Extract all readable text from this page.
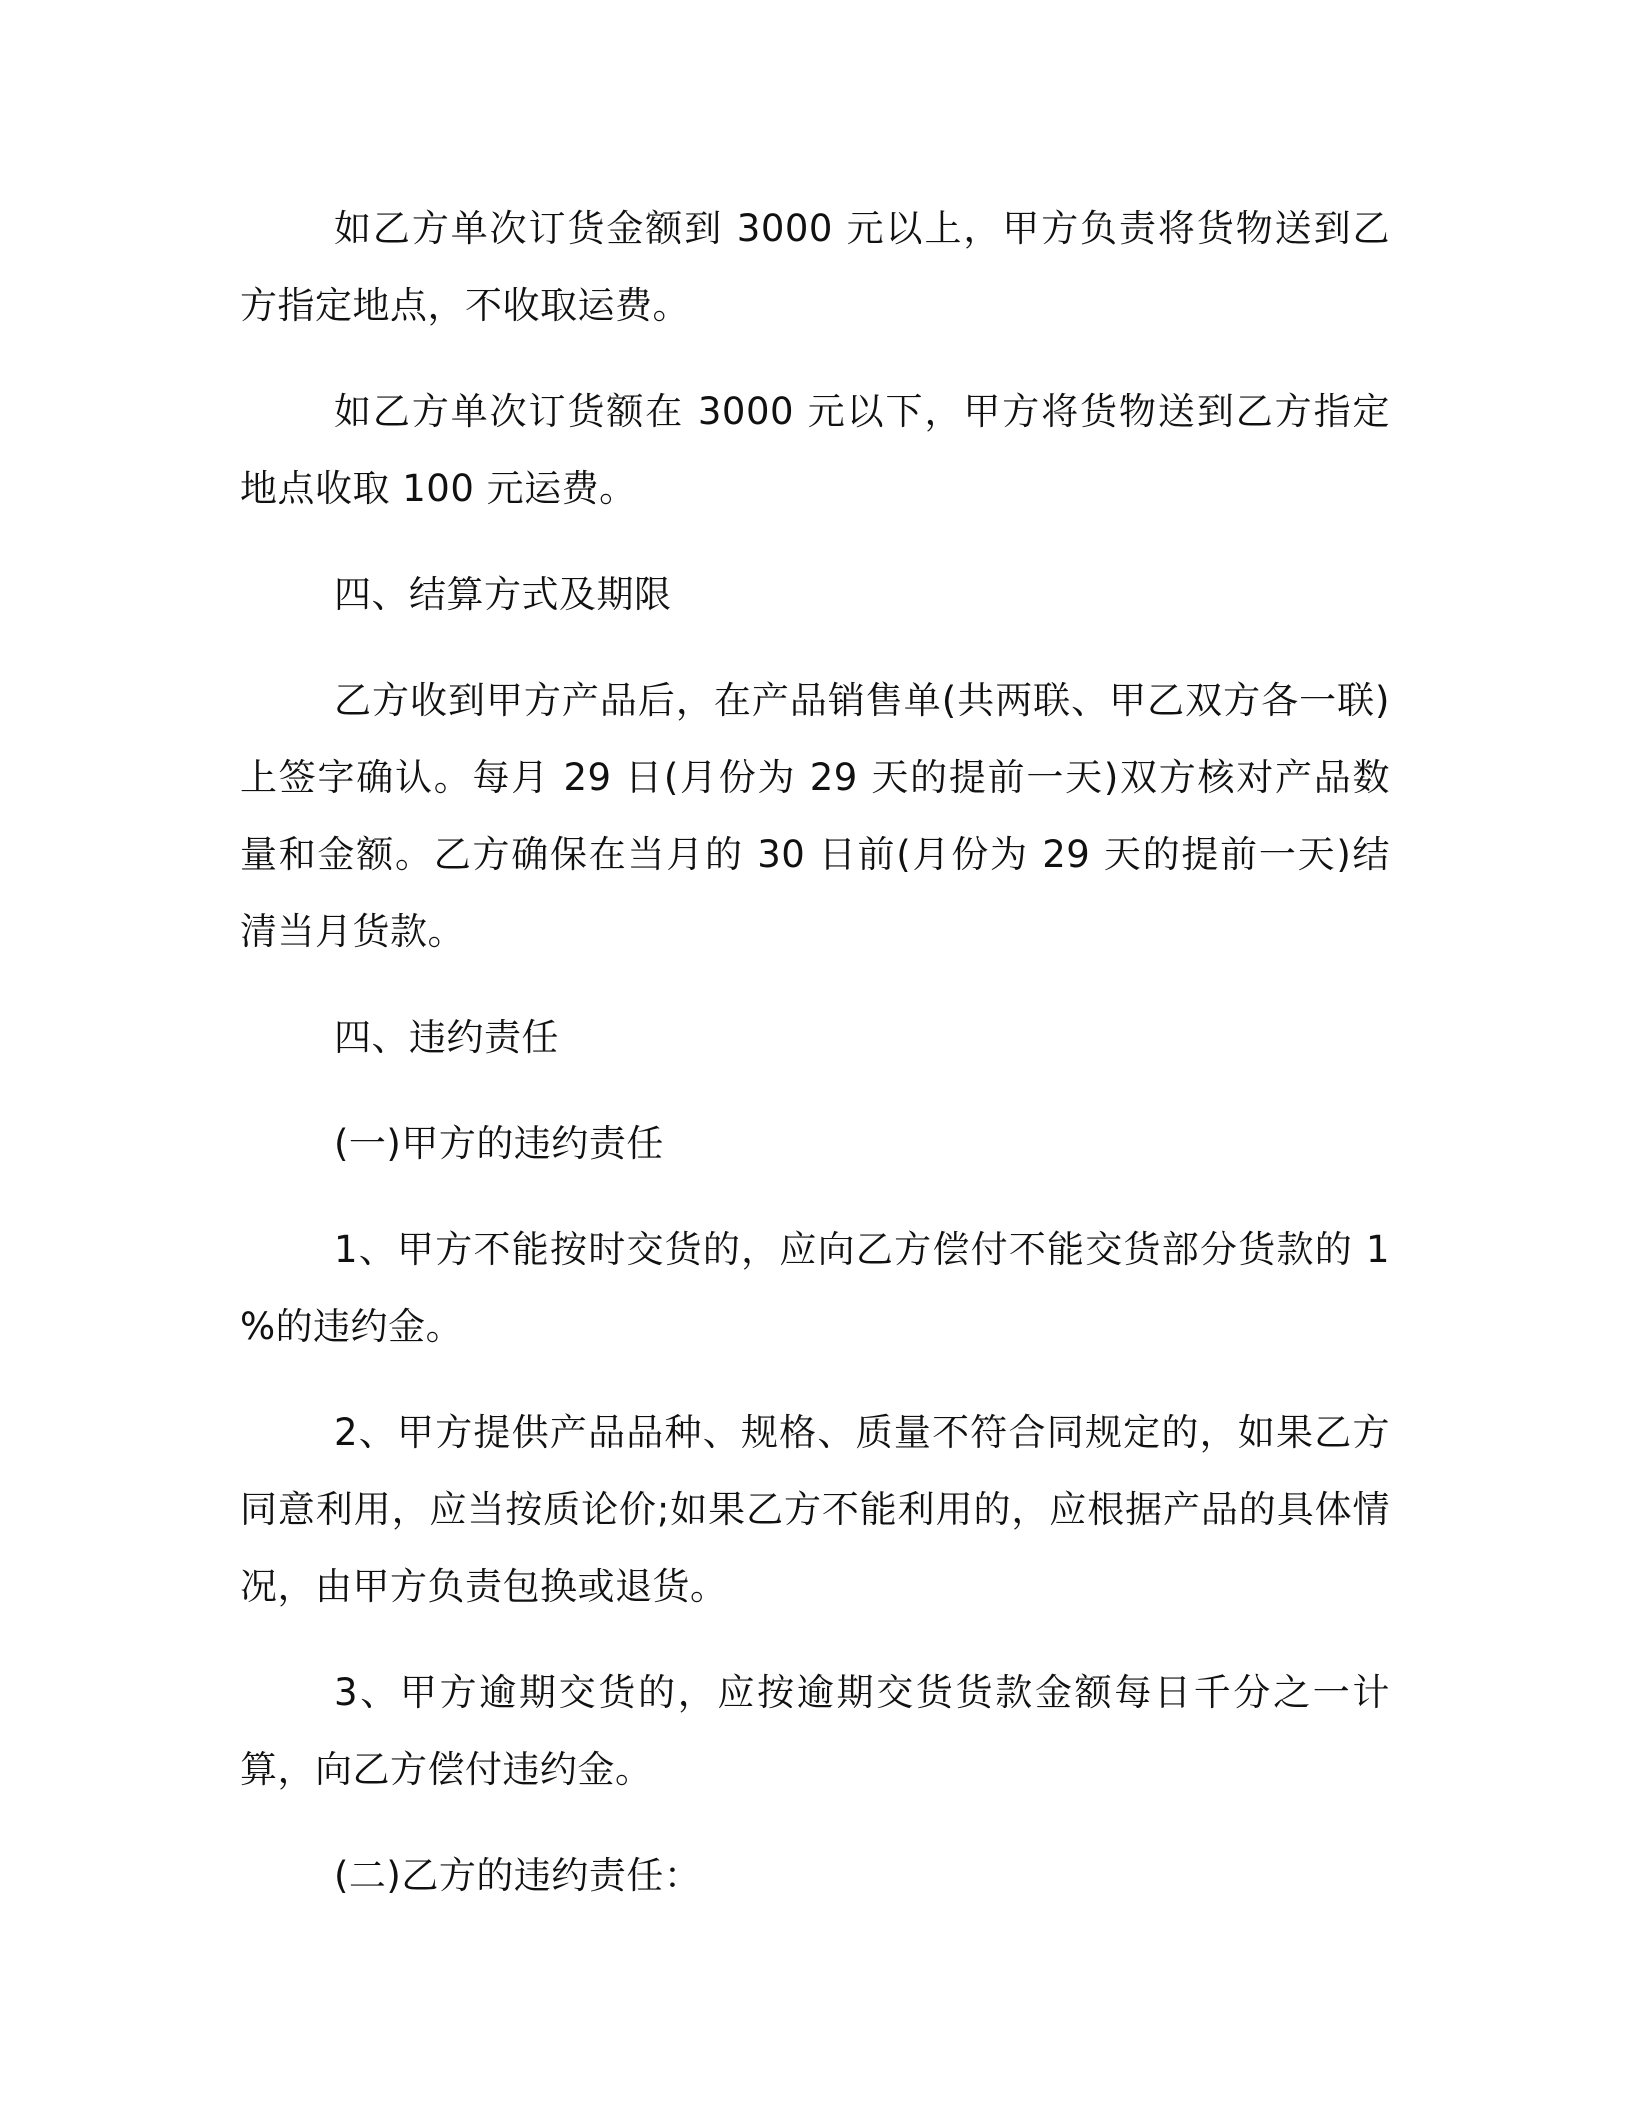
如乙方单次订货金额到 3000 元以上，甲方负责将货物送到乙方指定地点，不收取运费。

如乙方单次订货额在 3000 元以下，甲方将货物送到乙方指定地点收取 100 元运费。

四、结算方式及期限

乙方收到甲方产品后，在产品销售单(共两联、甲乙双方各一联)上签字确认。每月 29 日(月份为 29 天的提前一天)双方核对产品数量和金额。乙方确保在当月的 30 日前(月份为 29 天的提前一天)结清当月货款。

四、违约责任

(一)甲方的违约责任

1、甲方不能按时交货的，应向乙方偿付不能交货部分货款的 1 %的违约金。

2、甲方提供产品品种、规格、质量不符合同规定的，如果乙方同意利用，应当按质论价;如果乙方不能利用的，应根据产品的具体情况，由甲方负责包换或退货。

3、甲方逾期交货的，应按逾期交货货款金额每日千分之一计算，向乙方偿付违约金。

(二)乙方的违约责任：
